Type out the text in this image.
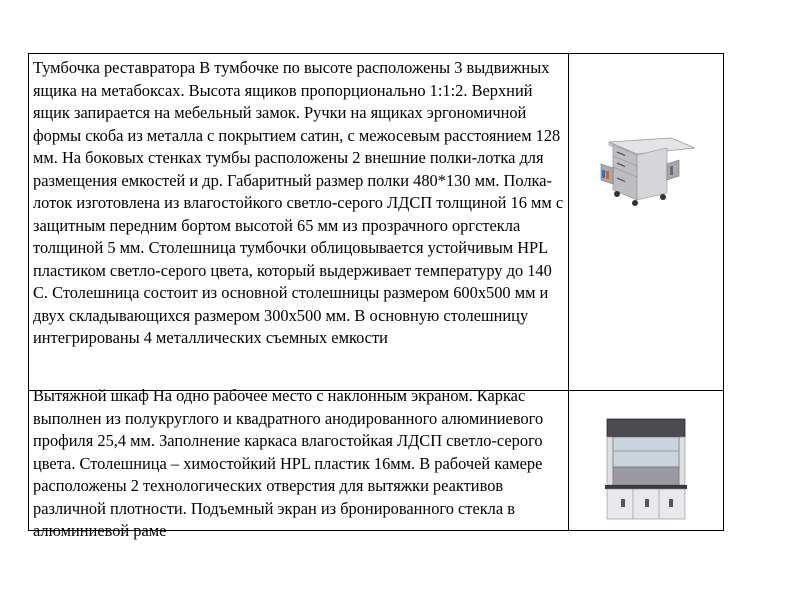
Тумбочка реставратора В тумбочке по высоте расположены 3 выдвижных ящика на метабоксах. Высота ящиков пропорционально 1:1:2. Верхний ящик запирается на мебельный замок. Ручки на ящиках эргономичной формы скоба из металла с покрытием сатин, с межосевым расстоянием 128 мм. На боковых стенках тумбы расположены 2 внешние полки-лотка для размещения емкостей и др. Габаритный размер полки 480*130 мм. Полка-лоток изготовлена из влагостойкого светло-серого ЛДСП толщиной 16 мм с защитным передним бортом высотой 65 мм из прозрачного оргстекла толщиной 5 мм. Столешница тумбочки облицовывается устойчивым HPL пластиком светло-серого цвета, который выдерживает температуру до 140 С. Столешница состоит из основной столешницы размером 600х500 мм и двух складывающихся размером 300х500 мм. В основную столешницу интегрированы 4 металлических съемных емкости

Вытяжной шкаф На одно рабочее место с наклонным экраном. Каркас выполнен из полукруглого и квадратного анодированного алюминиевого профиля 25,4 мм. Заполнение каркаса влагостойкая ЛДСП светло-серого цвета. Столешница – химостойкий HPL пластик 16мм. В рабочей камере расположены 2 технологических отверстия для вытяжки реактивов различной плотности. Подъемный экран из бронированного стекла в алюминиевой раме
